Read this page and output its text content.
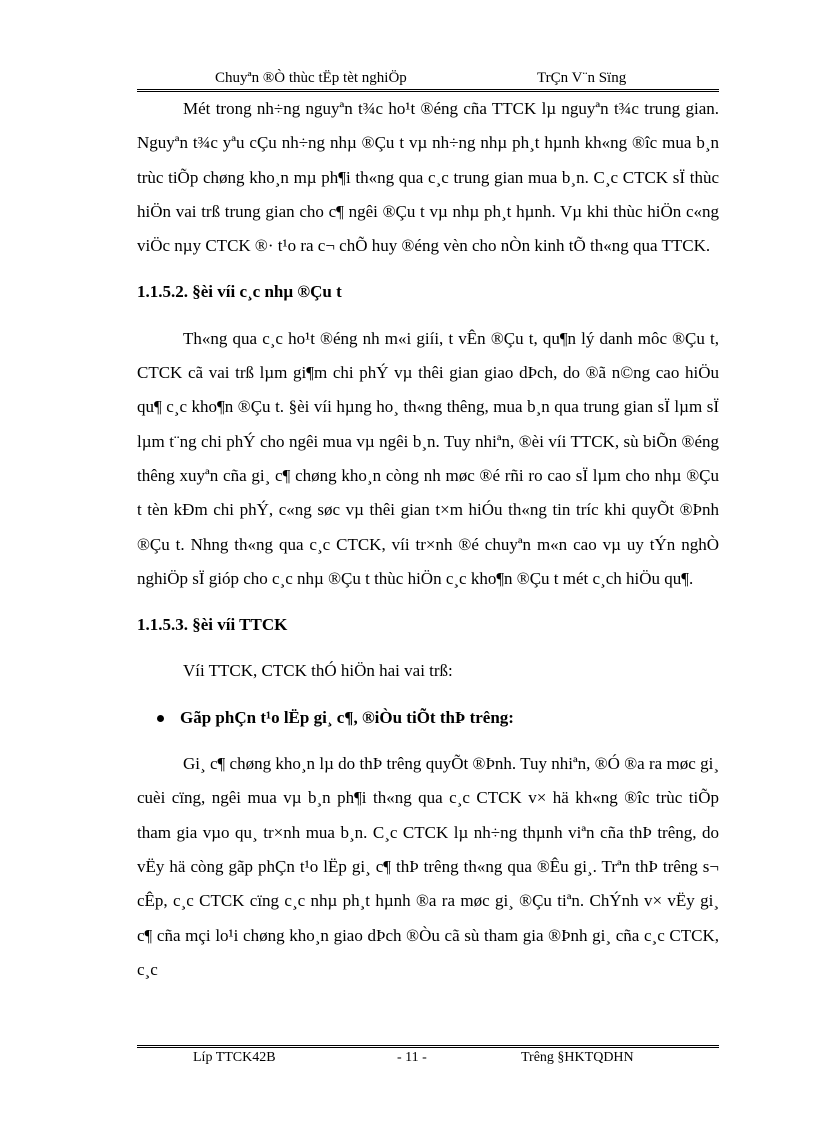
Chuyªn ®Ò thùc tËp tèt nghiÖp	TrÇn V¨n Sïng

Mét trong nh÷ng nguyªn t¾c ho¹t ®éng cña TTCK lµ nguyªn t¾c trung gian. Nguyªn t¾c yªu cÇu nh÷ng nhµ ®Çu t vµ nh÷ng nhµ ph¸t hµnh kh«ng ®îc mua b¸n trùc tiÕp chøng kho¸n mµ ph¶i th«ng qua c¸c trung gian mua b¸n. C¸c CTCK sÏ thùc hiÖn vai trß trung gian cho c¶ ngêi ®Çu t vµ nhµ ph¸t hµnh. Vµ khi thùc hiÖn c«ng viÖc nµy CTCK ®· t¹o ra c¬ chÕ huy ®éng vèn cho nÒn kinh tÕ th«ng qua TTCK.

1.1.5.2. §èi víi c¸c nhµ ®Çu t

Th«ng qua c¸c ho¹t ®éng nh m«i giíi, t vÊn ®Çu t, qu¶n lý danh môc ®Çu t, CTCK cã vai trß lµm gi¶m chi phÝ vµ thêi gian giao dÞch, do ®ã n©ng cao hiÖu qu¶ c¸c kho¶n ®Çu t. §èi víi hµng ho¸ th«ng thêng, mua b¸n qua trung gian sÏ lµm sÏ lµm t¨ng chi phÝ cho ngêi mua vµ ngêi b¸n. Tuy nhiªn, ®èi víi TTCK, sù biÕn ®éng thêng xuyªn cña gi¸ c¶ chøng kho¸n còng nh møc ®é rñi ro cao sÏ lµm cho nhµ ®Çu t tèn kÐm chi phÝ, c«ng søc vµ thêi gian t×m hiÓu th«ng tin tríc khi quyÕt ®Þnh ®Çu t. Nhng th«ng qua c¸c CTCK, víi tr×nh ®é chuyªn m«n cao vµ uy tÝn nghÒ nghiÖp sÏ gióp cho c¸c nhµ ®Çu t thùc hiÖn c¸c kho¶n ®Çu t mét c¸ch hiÖu qu¶.

1.1.5.3. §èi víi TTCK

Víi TTCK, CTCK thÓ hiÖn hai vai trß:

Gãp phÇn t¹o lËp gi¸ c¶, ®iÒu tiÕt thÞ trêng:

Gi¸ c¶ chøng kho¸n lµ do thÞ trêng quyÕt ®Þnh. Tuy nhiªn, ®Ó ®a ra møc gi¸ cuèi cïng, ngêi mua vµ b¸n ph¶i th«ng qua c¸c CTCK v× hä kh«ng ®îc trùc tiÕp tham gia vµo qu¸ tr×nh mua b¸n. C¸c CTCK lµ nh÷ng thµnh viªn cña thÞ trêng, do vËy hä còng gãp phÇn t¹o lËp gi¸ c¶ thÞ trêng th«ng qua ®Êu gi¸. Trªn thÞ trêng s¬ cÊp, c¸c CTCK cïng c¸c nhµ ph¸t hµnh ®a ra møc gi¸ ®Çu tiªn. ChÝnh v× vËy gi¸ c¶ cña mçi lo¹i chøng kho¸n giao dÞch ®Òu cã sù tham gia ®Þnh gi¸ cña c¸c CTCK, c¸c

Líp TTCK42B	- 11 -	Trêng §HKTQDHN
